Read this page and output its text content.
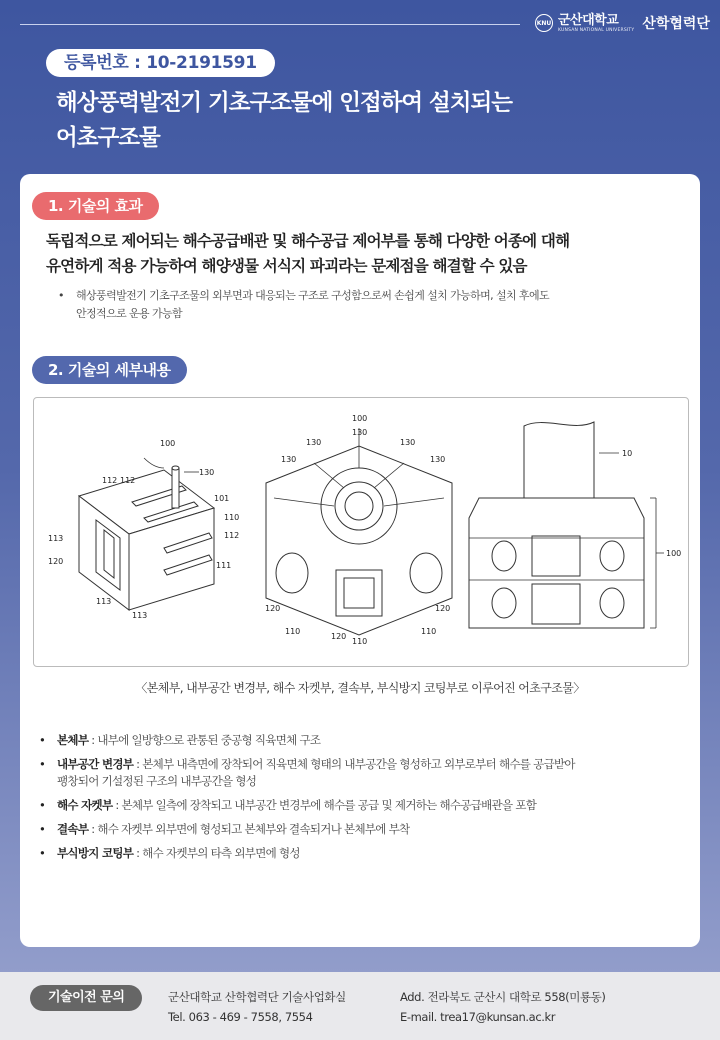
KNU 군산대학교
KUNSAN NATIONAL UNIVERSITY 산학협력단
등록번호 : 10-2191591
해상풍력발전기 기초구조물에 인접하여 설치되는
어초구조물
1. 기술의 효과
독립적으로 제어되는 해수공급배관 및 해수공급 제어부를 통해 다양한 어종에 대해
유연하게 적용 가능하여 해양생물 서식지 파괴라는 문제점을 해결할 수 있음
• 해상풍력발전기 기초구조물의 외부면과 대응되는 구조로 구성함으로써 손쉽게 설치 가능하며, 설치 후에도
안정적으로 운용 가능함
2. 기술의 세부내용
100
130
112 112
101
110
112
113
120	111
113
113
100
130
130	130
130	130
120
110
120
110
120
110
10
100
〈본체부, 내부공간 변경부, 해수 자켓부, 결속부, 부식방지 코팅부로 이루어진 어초구조물〉
• 본체부 : 내부에 일방향으로 관통된 중공형 직육면체 구조
• 내부공간 변경부 : 본체부 내측면에 장착되어 직육면체 형태의 내부공간을 형성하고 외부로부터 해수를 공급받아
팽창되어 기설정된 구조의 내부공간을 형성
• 해수 자켓부 : 본체부 일측에 장착되고 내부공간 변경부에 해수를 공급 및 제거하는 해수공급배관을 포함
• 결속부 : 해수 자켓부 외부면에 형성되고 본체부와 결속되거나 본체부에 부착
• 부식방지 코팅부 : 해수 자켓부의 타측 외부면에 형성
기술이전 문의	군산대학교 산학협력단 기술사업화실
Tel. 063 - 469 - 7558, 7554
Add. 전라북도 군산시 대학로 558(미룡동)
E-mail. trea17@kunsan.ac.kr
